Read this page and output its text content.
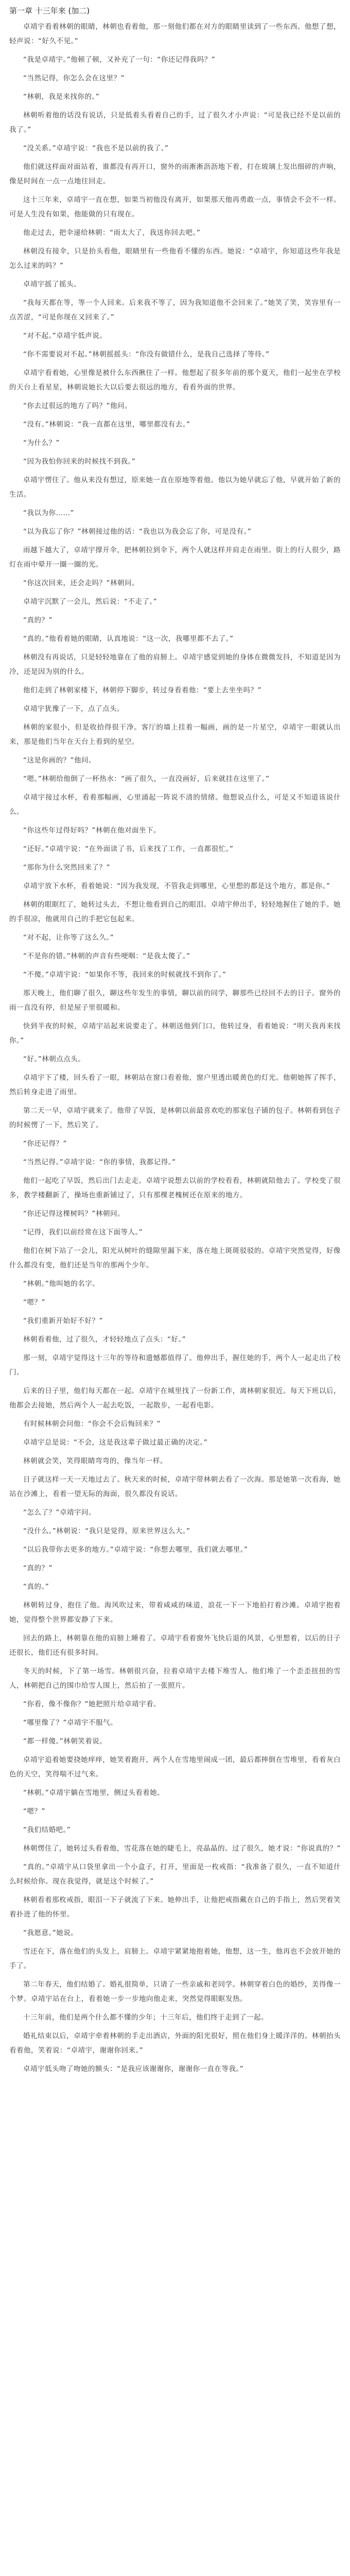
第一章 十三年来 (加二)

卓靖宇看着林朝的眼睛，林朝也看着他，那一刻他们都在对方的眼睛里读到了一些东西。他想了想，轻声说：“好久不见。”

“我是卓靖宇。”他顿了顿，又补充了一句：“你还记得我吗？”

“当然记得，你怎么会在这里？”

“林朝，我是来找你的。”

林朝听着他的话没有说话，只是低着头看着自己的手，过了很久才小声说：“可是我已经不是以前的我了。”

“没关系。”卓靖宇说：“我也不是以前的我了。”

他们就这样面对面站着，谁都没有再开口，窗外的雨淅淅沥沥地下着，打在玻璃上发出细碎的声响，像是时间在一点一点地往回走。

这十三年来，卓靖宇一直在想，如果当初他没有离开，如果那天他再勇敢一点，事情会不会不一样。可是人生没有如果，他能做的只有现在。

他走过去，把伞递给林朝：“雨太大了，我送你回去吧。”

林朝没有接伞，只是抬头看他，眼睛里有一些他看不懂的东西。她说：“卓靖宇，你知道这些年我是怎么过来的吗？”

卓靖宇摇了摇头。

“我每天都在等，等一个人回来。后来我不等了，因为我知道他不会回来了。”她笑了笑，笑容里有一点苦涩，“可是你现在又回来了。”

“对不起。”卓靖宇低声说。

“你不需要说对不起。”林朝摇摇头：“你没有做错什么，是我自己选择了等待。”

卓靖宇看着她，心里像是被什么东西揪住了一样。他想起了很多年前的那个夏天，他们一起坐在学校的天台上看星星，林朝说她长大以后要去很远的地方，看看外面的世界。

“你去过很远的地方了吗？”他问。

“没有。”林朝说：“我一直都在这里，哪里都没有去。”

“为什么？”

“因为我怕你回来的时候找不到我。”

卓靖宇愣住了。他从来没有想过，原来她一直在原地等着他。他以为她早就忘了他，早就开始了新的生活。

“我以为你……”

“以为我忘了你？”林朝接过他的话：“我也以为我会忘了你，可是没有。”

雨越下越大了，卓靖宇撑开伞，把林朝拉到伞下，两个人就这样并肩走在雨里。街上的行人很少，路灯在雨中晕开一圈一圈的光。

“你这次回来，还会走吗？”林朝问。

卓靖宇沉默了一会儿，然后说：“不走了。”

“真的？”

“真的。”他看着她的眼睛，认真地说：“这一次，我哪里都不去了。”

林朝没有再说话，只是轻轻地靠在了他的肩膀上。卓靖宇感觉到她的身体在微微发抖，不知道是因为冷，还是因为别的什么。

他们走到了林朝家楼下，林朝停下脚步，转过身看着他：“要上去坐坐吗？”

卓靖宇犹豫了一下，点了点头。

林朝的家很小，但是收拾得很干净。客厅的墙上挂着一幅画，画的是一片星空，卓靖宇一眼就认出来，那是他们当年在天台上看到的星空。

“这是你画的？”他问。

“嗯。”林朝给他倒了一杯热水：“画了很久，一直没画好，后来就挂在这里了。”

卓靖宇接过水杯，看着那幅画，心里涌起一阵说不清的情绪。他想说点什么，可是又不知道该说什么。

“你这些年过得好吗？”林朝在他对面坐下。

“还好。”卓靖宇说：“在外面读了书，后来找了工作，一直都很忙。”

“那你为什么突然回来了？”

卓靖宇放下水杯，看着她说：“因为我发现，不管我走到哪里，心里想的都是这个地方，都是你。”

林朝的眼眶红了，她转过头去，不想让他看到自己的眼泪。卓靖宇伸出手，轻轻地握住了她的手。她的手很凉，他就用自己的手把它包起来。

“对不起，让你等了这么久。”

“不是你的错。”林朝的声音有些哽咽：“是我太傻了。”

“不傻。”卓靖宇说：“如果你不等，我回来的时候就找不到你了。”

那天晚上，他们聊了很久，聊这些年发生的事情，聊以前的同学，聊那些已经回不去的日子。窗外的雨一直没有停，但是屋子里很暖和。

快到半夜的时候，卓靖宇站起来说要走了。林朝送他到门口，他转过身，看着她说：“明天我再来找你。”

“好。”林朝点点头。

卓靖宇下了楼，回头看了一眼，林朝站在窗口看着他，窗户里透出暖黄色的灯光。他朝她挥了挥手，然后转身走进了雨里。

第二天一早，卓靖宇就来了。他带了早饭，是林朝以前最喜欢吃的那家包子铺的包子。林朝看到包子的时候愣了一下，然后笑了。

“你还记得？”

“当然记得。”卓靖宇说：“你的事情，我都记得。”

他们一起吃了早饭，然后出门去走走。卓靖宇说想去以前的学校看看，林朝就陪他去了。学校变了很多，教学楼翻新了，操场也重新铺过了，只有那棵老槐树还在原来的地方。

“你还记得这棵树吗？”林朝问。

“记得，我们以前经常在这下面等人。”

他们在树下站了一会儿，阳光从树叶的缝隙里漏下来，落在地上斑斑驳驳的。卓靖宇突然觉得，好像什么都没有变，他们还是当年的那两个少年。

“林朝。”他叫她的名字。

“嗯？”

“我们重新开始好不好？”

林朝看着他，过了很久，才轻轻地点了点头：“好。”

那一刻，卓靖宇觉得这十三年的等待和遗憾都值得了。他伸出手，握住她的手，两个人一起走出了校门。

后来的日子里，他们每天都在一起。卓靖宇在城里找了一份新工作，离林朝家很近。每天下班以后，他都会去接她，然后两个人一起去吃饭，一起散步，一起看电影。

有时候林朝会问他：“你会不会后悔回来？”

卓靖宇总是说：“不会，这是我这辈子做过最正确的决定。”

林朝就会笑，笑得眼睛弯弯的，像当年一样。

日子就这样一天一天地过去了。秋天来的时候，卓靖宇带林朝去看了一次海。那是她第一次看海，她站在沙滩上，看着一望无际的海面，很久都没有说话。

“怎么了？”卓靖宇问。

“没什么。”林朝说：“我只是觉得，原来世界这么大。”

“以后我带你去更多的地方。”卓靖宇说：“你想去哪里，我们就去哪里。”

“真的？”

“真的。”

林朝转过身，抱住了他。海风吹过来，带着咸咸的味道，浪花一下一下地拍打着沙滩。卓靖宇抱着她，觉得整个世界都安静了下来。

回去的路上，林朝靠在他的肩膀上睡着了。卓靖宇看着窗外飞快后退的风景，心里想着，以后的日子还很长，他们还有很多时间。

冬天的时候，下了第一场雪。林朝很兴奋，拉着卓靖宇去楼下堆雪人。他们堆了一个歪歪扭扭的雪人，林朝把自己的围巾给雪人围上，然后拍了一张照片。

“你看，像不像你？”她把照片给卓靖宇看。

“哪里像了？”卓靖宇不服气。

“都一样傻。”林朝笑着说。

卓靖宇追着她要挠她痒痒，她笑着跑开，两个人在雪地里闹成一团，最后都摔倒在雪堆里，看着灰白色的天空，笑得喘不过气来。

“林朝。”卓靖宇躺在雪地里，侧过头看着她。

“嗯？”

“我们结婚吧。”

林朝愣住了，她转过头看着他，雪花落在她的睫毛上，亮晶晶的。过了很久，她才说：“你说真的？”

“真的。”卓靖宇从口袋里拿出一个小盒子，打开，里面是一枚戒指：“我准备了很久，一直不知道什么时候给你。现在我觉得，就是这个时候了。”

林朝看着那枚戒指，眼泪一下子就流了下来。她伸出手，让他把戒指戴在自己的手指上，然后哭着笑着扑进了他的怀里。

“我愿意。”她说。

雪还在下，落在他们的头发上，肩膀上。卓靖宇紧紧地抱着她，他想，这一生，他再也不会放开她的手了。

第二年春天，他们结婚了。婚礼很简单，只请了一些亲戚和老同学。林朝穿着白色的婚纱，美得像一个梦。卓靖宇站在台上，看着她一步一步地向他走来，突然觉得眼眶发热。

十三年前，他们是两个什么都不懂的少年；十三年后，他们终于走到了一起。

婚礼结束以后，卓靖宇牵着林朝的手走出酒店，外面的阳光很好，照在他们身上暖洋洋的。林朝抬头看着他，笑着说：“卓靖宇，谢谢你回来。”

卓靖宇低头吻了吻她的额头：“是我应该谢谢你，谢谢你一直在等我。”
